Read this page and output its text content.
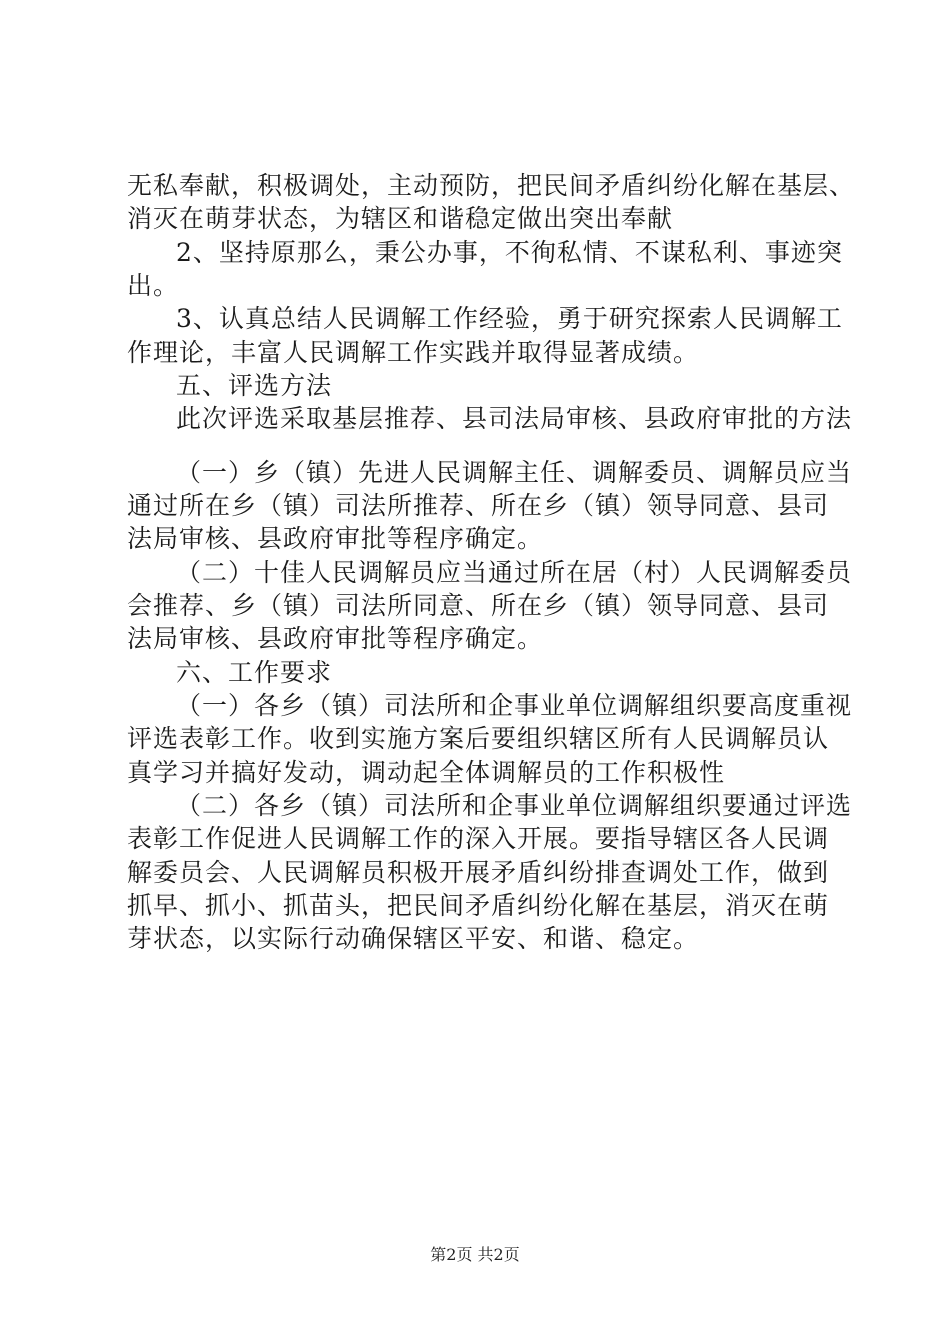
无私奉献，积极调处，主动预防，把民间矛盾纠纷化解在基层、
消灭在萌芽状态，为辖区和谐稳定做出突出奉献
2、坚持原那么，秉公办事，不徇私情、不谋私利、事迹突
出。
3、认真总结人民调解工作经验，勇于研究探索人民调解工
作理论，丰富人民调解工作实践并取得显著成绩。
五、评选方法
此次评选采取基层推荐、县司法局审核、县政府审批的方法
（一）乡（镇）先进人民调解主任、调解委员、调解员应当
通过所在乡（镇）司法所推荐、所在乡（镇）领导同意、县司
法局审核、县政府审批等程序确定。
（二）十佳人民调解员应当通过所在居（村）人民调解委员
会推荐、乡（镇）司法所同意、所在乡（镇）领导同意、县司
法局审核、县政府审批等程序确定。
六、工作要求
（一）各乡（镇）司法所和企事业单位调解组织要高度重视
评选表彰工作。收到实施方案后要组织辖区所有人民调解员认
真学习并搞好发动，调动起全体调解员的工作积极性
（二）各乡（镇）司法所和企事业单位调解组织要通过评选
表彰工作促进人民调解工作的深入开展。要指导辖区各人民调
解委员会、人民调解员积极开展矛盾纠纷排查调处工作，做到
抓早、抓小、抓苗头，把民间矛盾纠纷化解在基层，消灭在萌
芽状态，以实际行动确保辖区平安、和谐、稳定。
第2页 共2页
